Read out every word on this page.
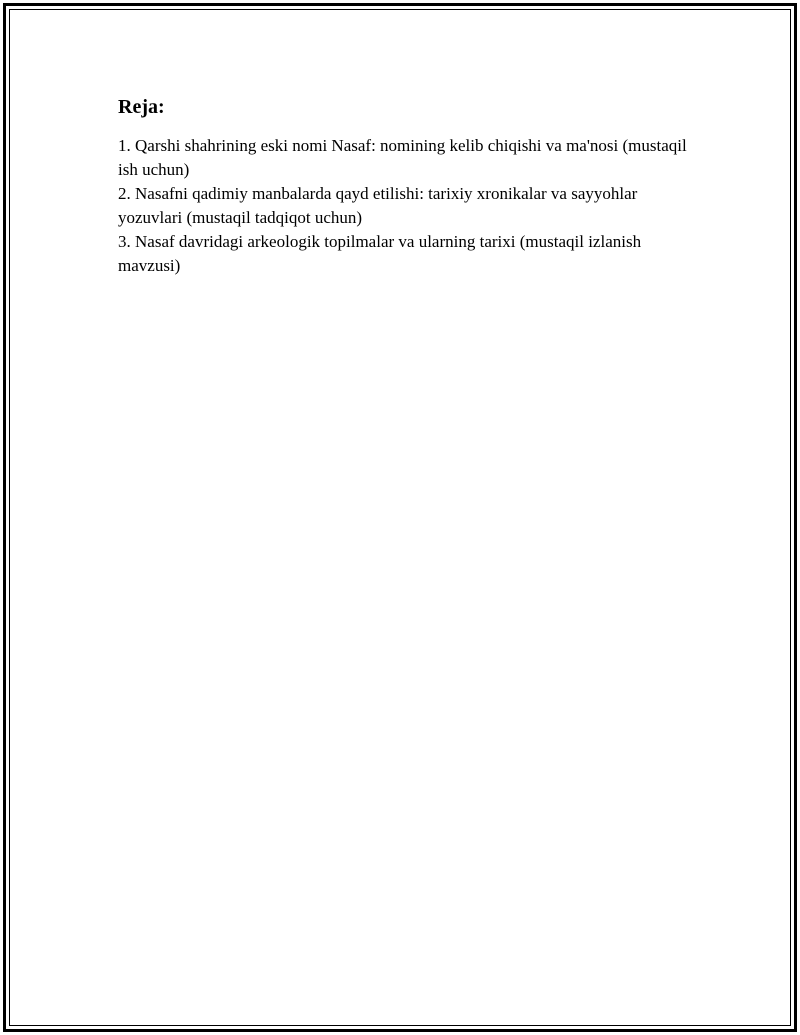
Reja:
1. Qarshi shahrining eski nomi Nasaf: nomining kelib chiqishi va ma'nosi (mustaqil ish uchun)
2. Nasafni qadimiy manbalarda qayd etilishi: tarixiy xronikalar va sayyohlar yozuvlari (mustaqil tadqiqot uchun)
3. Nasaf davridagi arkeologik topilmalar va ularning tarixi (mustaqil izlanish mavzusi)
